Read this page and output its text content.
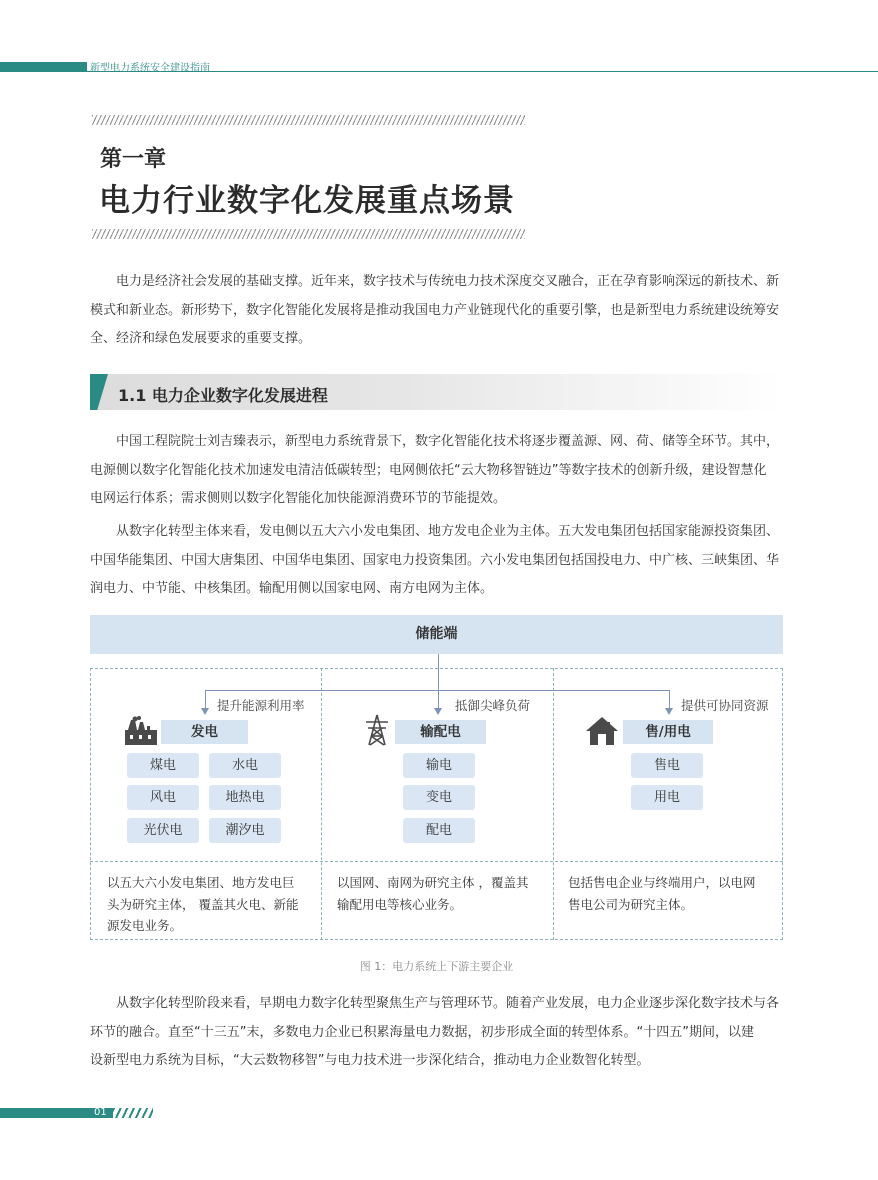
新型电力系统安全建设指南
第一章
电力行业数字化发展重点场景
电力是经济社会发展的基础支撑。近年来，数字技术与传统电力技术深度交叉融合，正在孕育影响深远的新技术、新
模式和新业态。新形势下，数字化智能化发展将是推动我国电力产业链现代化的重要引擎，也是新型电力系统建设统筹安
全、经济和绿色发展要求的重要支撑。
1.1 电力企业数字化发展进程
中国工程院院士刘吉臻表示，新型电力系统背景下，数字化智能化技术将逐步覆盖源、网、荷、储等全环节。其中，
电源侧以数字化智能化技术加速发电清洁低碳转型；电网侧依托“云大物移智链边”等数字技术的创新升级，建设智慧化
电网运行体系；需求侧则以数字化智能化加快能源消费环节的节能提效。
从数字化转型主体来看，发电侧以五大六小发电集团、地方发电企业为主体。五大发电集团包括国家能源投资集团、
中国华能集团、中国大唐集团、中国华电集团、国家电力投资集团。六小发电集团包括国投电力、中广核、三峡集团、华
润电力、中节能、中核集团。输配用侧以国家电网、南方电网为主体。
储能端
提升能源利用率	抵御尖峰负荷	提供可协同资源
发电
煤电	水电
风电	地热电
光伏电	潮汐电
输配电
输电
变电
配电
售/用电
售电
用电
以五大六小发电集团、地方发电巨
头为研究主体， 覆盖其火电、新能
源发电业务。
以国网、南网为研究主体 ，覆盖其
输配用电等核心业务。
包括售电企业与终端用户，以电网
售电公司为研究主体。
图 1：电力系统上下游主要企业
从数字化转型阶段来看，早期电力数字化转型聚焦生产与管理环节。随着产业发展，电力企业逐步深化数字技术与各
环节的融合。直至“十三五”末，多数电力企业已积累海量电力数据，初步形成全面的转型体系。“十四五”期间，以建
设新型电力系统为目标，“大云数物移智”与电力技术进一步深化结合，推动电力企业数智化转型。
01
